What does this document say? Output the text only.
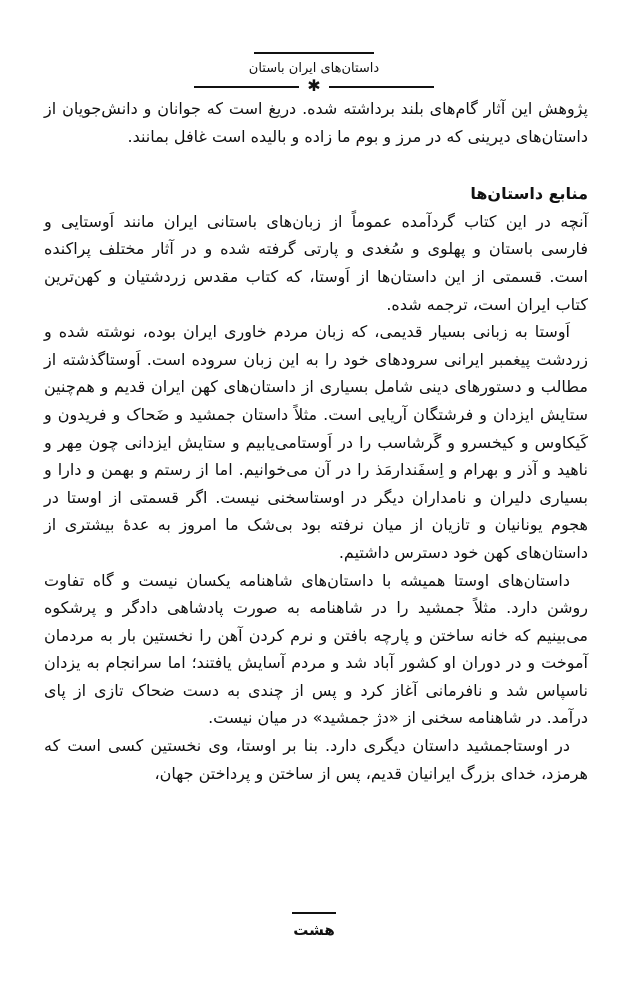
داستان‌های ایران باستان
✱

پژوهش این آثار گام‌های بلند برداشته شده. دریغ است که جوانان و دانش‌جویان از داستان‌های دیرینی که در مرز و بوم ما زاده و بالیده است غافل بمانند.

منابع داستان‌ها

آنچه در این کتاب گردآمده عموماً از زبان‌های باستانی ایران مانند اَوستایی و فارسی باستان و پهلوی و سُغدی و پارتی گرفته شده و در آثار مختلف پراکنده است. قسمتی از این داستان‌ها از اَوستا، که کتاب مقدس زردشتیان و کهن‌ترین کتاب ایران است، ترجمه شده.

اَوستا به زبانی بسیار قدیمی، که زبان مردم خاوری ایران بوده، نوشته شده و زردشت پیغمبر ایرانی سرودهای خود را به این زبان سروده است. اَوستاگذشته از مطالب و دستورهای دینی شامل بسیاری از داستان‌های کهن ایران قدیم و هم‌چنین ستایش ایزدان و فرشتگان آریایی است. مثلاً داستان جمشید و ضَحاک و فریدون و کَیکاوس و کیخسرو و گَرشاسب را در اَوستامی‌یابیم و ستایش ایزدانی چون مِهر و ناهید و آذر و بهرام و اِسفَندارمَذ را در آن می‌خوانیم. اما از رستم و بهمن و دارا و بسیاری دلیران و نامداران دیگر در اوستاسخنی نیست. اگر قسمتی از اوستا در هجوم یونانیان و تازیان از میان نرفته بود بی‌شک ما امروز به عدهٔ بیشتری از داستان‌های کهن خود دسترس داشتیم.

داستان‌های اوستا همیشه با داستان‌های شاهنامه یکسان نیست و گاه تفاوت روشن دارد. مثلاً جمشید را در شاهنامه به صورت پادشاهی دادگر و پرشکوه می‌بینیم که خانه ساختن و پارچه بافتن و نرم کردن آهن را نخستین بار به مردمان آموخت و در دوران او کشور آباد شد و مردم آسایش یافتند؛ اما سرانجام به یزدان ناسپاس شد و نافرمانی آغاز کرد و پس از چندی به دست ضحاک تازی از پای درآمد. در شاهنامه سخنی از «دژ جمشید» در میان نیست.

در اوستاجمشید داستان دیگری دارد. بنا بر اوستا، وی نخستین کسی است که هرمزد، خدای بزرگ ایرانیان قدیم، پس از ساختن و پرداختن جهان،

هشت
